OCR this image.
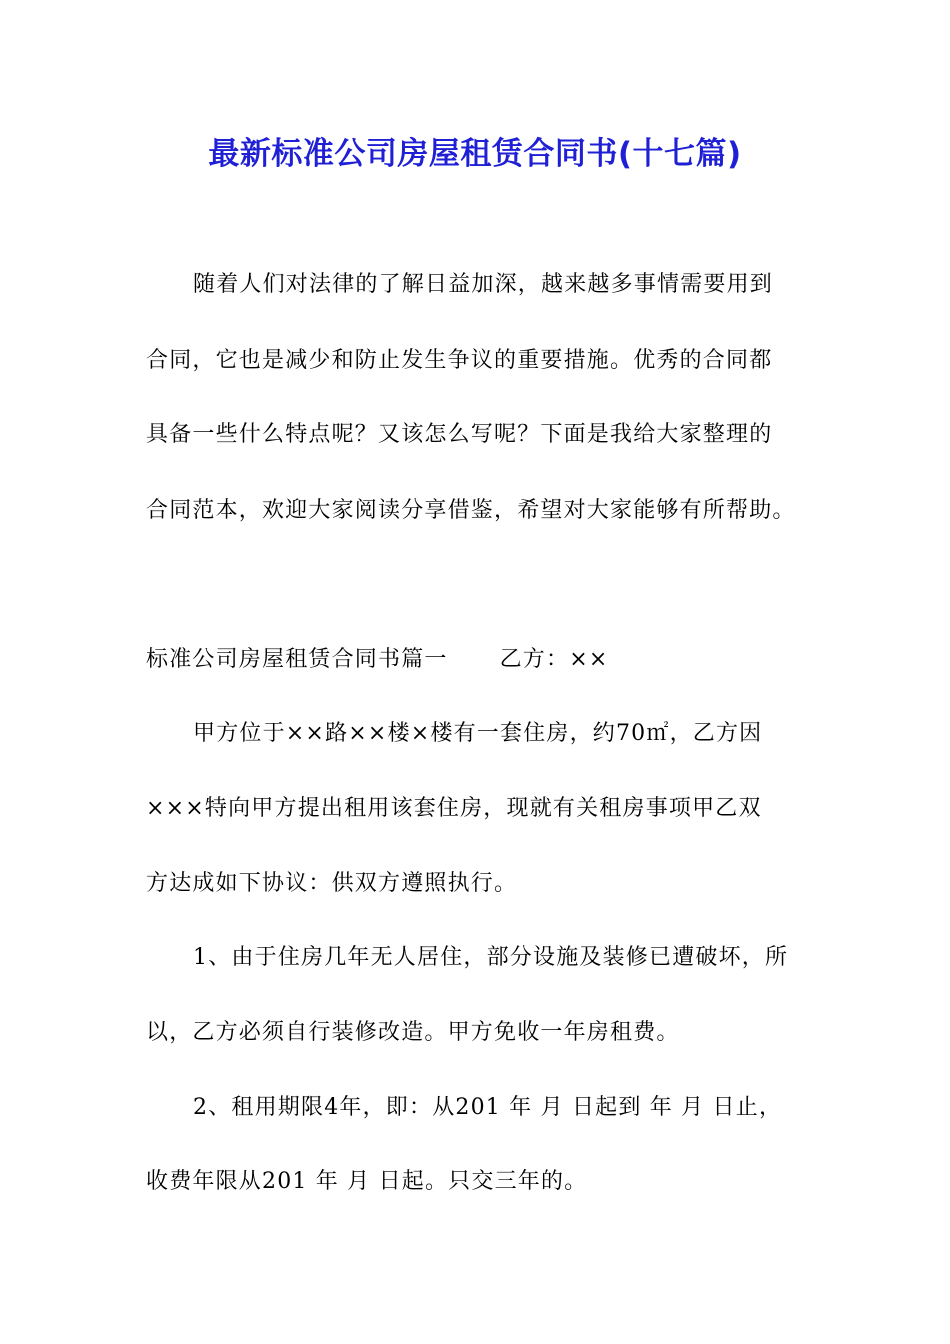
最新标准公司房屋租赁合同书(十七篇)
随着人们对法律的了解日益加深，越来越多事情需要用到
合同，它也是减少和防止发生争议的重要措施。优秀的合同都
具备一些什么特点呢？又该怎么写呢？下面是我给大家整理的
合同范本，欢迎大家阅读分享借鉴，希望对大家能够有所帮助。
标准公司房屋租赁合同书篇一 乙方：××
甲方位于××路××楼×楼有一套住房，约70㎡，乙方因
×××特向甲方提出租用该套住房，现就有关租房事项甲乙双
方达成如下协议：供双方遵照执行。
1、由于住房几年无人居住，部分设施及装修已遭破坏，所
以，乙方必须自行装修改造。甲方免收一年房租费。
2、租用期限4年，即：从201 年 月 日起到 年 月 日止，
收费年限从201 年 月 日起。只交三年的。
